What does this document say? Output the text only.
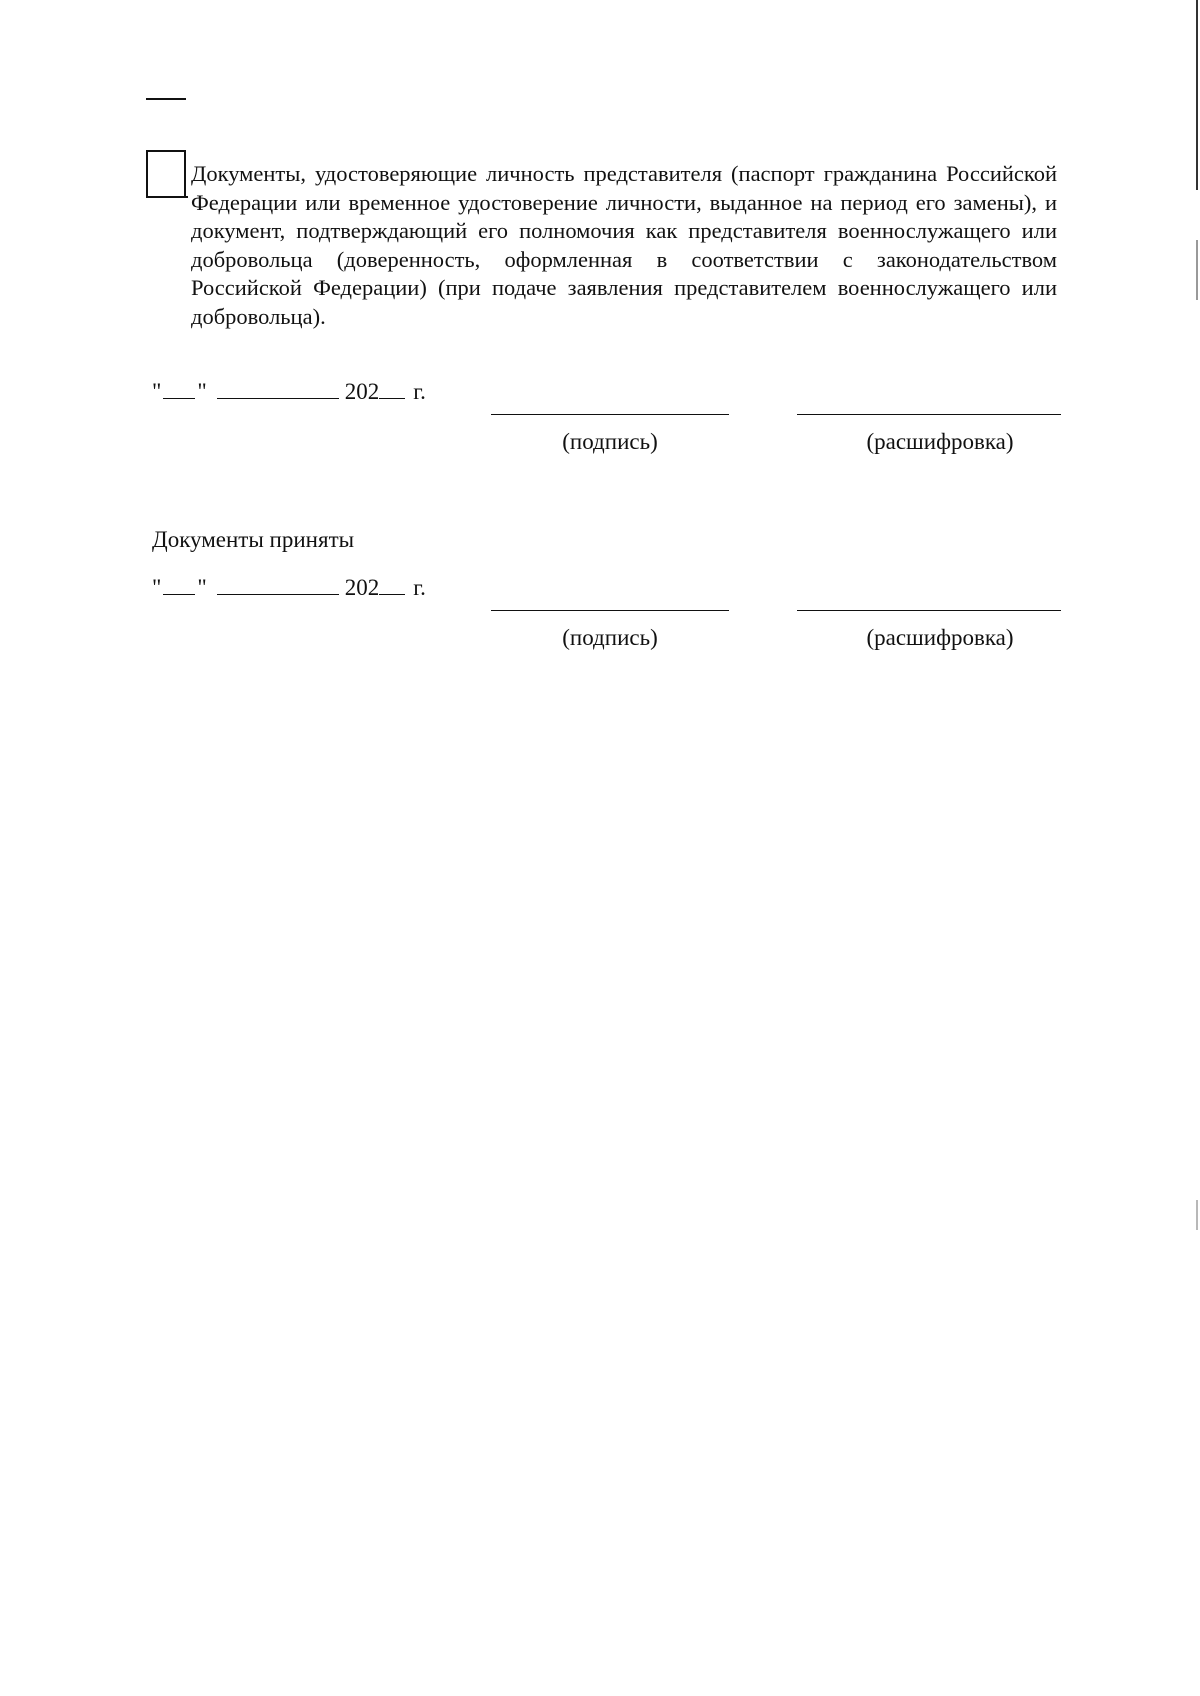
Документы, удостоверяющие личность представителя (паспорт гражданина Российской Федерации или временное удостоверение личности, выданное на период его замены), и документ, подтверждающий его полномочия как представителя военнослужащего или добровольца (доверенность, оформленная в соответствии с законодательством Российской Федерации) (при подаче заявления представителем военнослужащего или добровольца).

" "	202 г.

(подпись)	(расшифровка)

Документы приняты

" "	202 г.

(подпись)	(расшифровка)
